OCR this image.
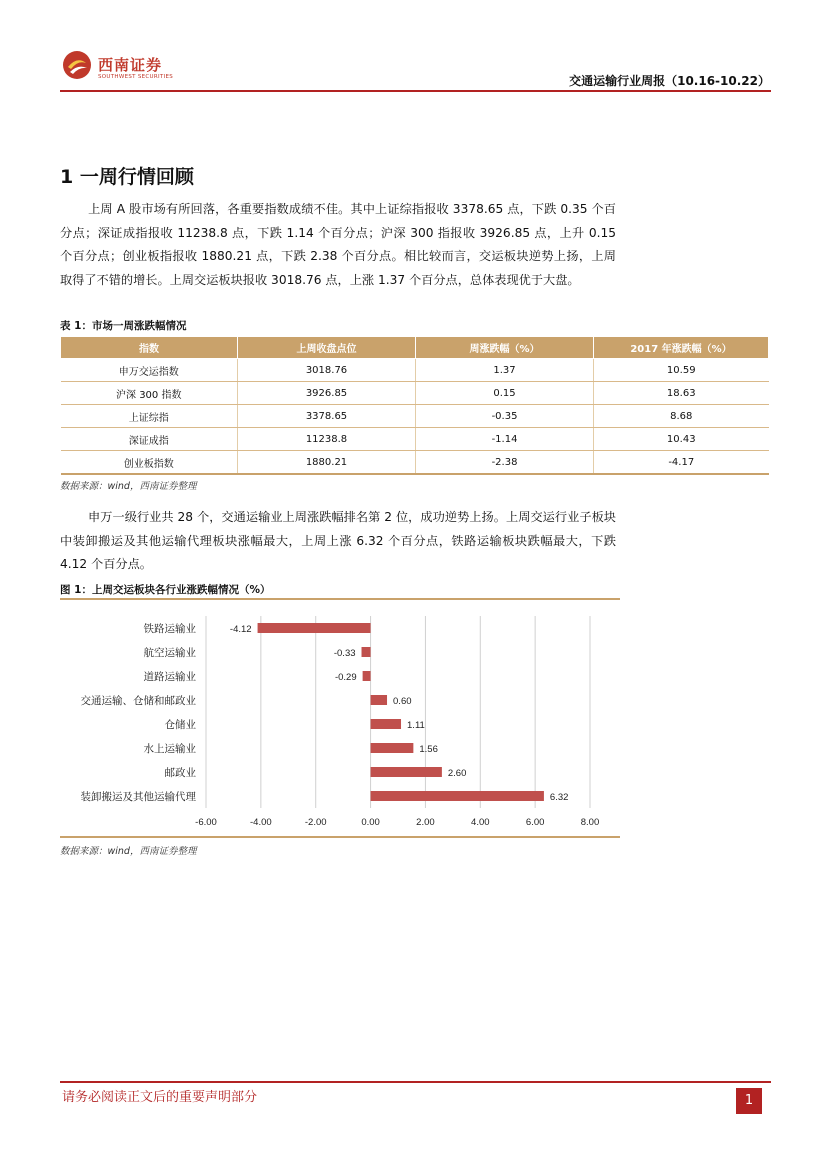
西南证券
SOUTHWEST SECURITIES	交通运输行业周报（10.16-10.22）
1 一周行情回顾
上周 A 股市场有所回落，各重要指数成绩不佳。其中上证综指报收 3378.65 点，下跌 0.35 个百分点；深证成指报收 11238.8 点，下跌 1.14 个百分点；沪深 300 指报收 3926.85 点，上升 0.15 个百分点；创业板指报收 1880.21 点，下跌 2.38 个百分点。相比较而言，交运板块逆势上扬，上周取得了不错的增长。上周交运板块报收 3018.76 点，上涨 1.37 个百分点，总体表现优于大盘。
表 1：市场一周涨跌幅情况
指数	上周收盘点位	周涨跌幅（%）	2017 年涨跌幅（%）
申万交运指数	3018.76	1.37	10.59
沪深 300 指数	3926.85	0.15	18.63
上证综指	3378.65	-0.35	8.68
深证成指	11238.8	-1.14	10.43
创业板指数	1880.21	-2.38	-4.17
数据来源：wind，西南证券整理
申万一级行业共 28 个，交通运输业上周涨跌幅排名第 2 位，成功逆势上扬。上周交运行业子板块中装卸搬运及其他运输代理板块涨幅最大，上周上涨 6.32 个百分点，铁路运输板块跌幅最大，下跌 4.12 个百分点。
图 1：上周交运板块各行业涨跌幅情况（%）
-6.00	-4.00	-2.00	0.00	2.00	4.00	6.00	8.00
铁路运输业	-4.12
航空运输业	-0.33
道路运输业	-0.29
交通运输、仓储和邮政业	0.60
仓储业	1.11
水上运输业	1.56
邮政业	2.60
装卸搬运及其他运输代理	6.32
数据来源：wind，西南证券整理
请务必阅读正文后的重要声明部分	1
